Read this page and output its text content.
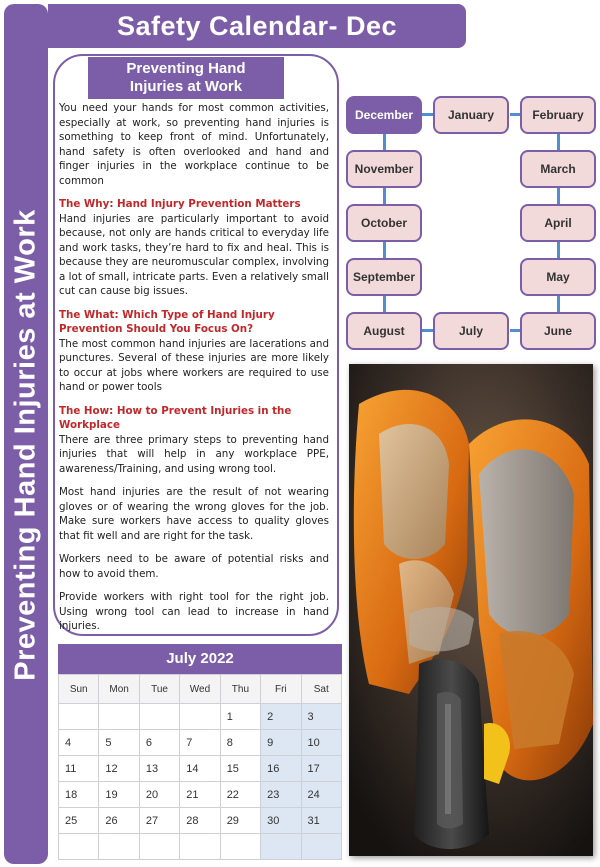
Preventing Hand Injuries at Work
Safety Calendar- Dec
Preventing Hand
Injuries at Work

You need your hands for most common activities, especially at work, so preventing hand injuries is something to keep front of mind. Unfortunately, hand safety is often overlooked and hand and finger injuries in the workplace continue to be common

The Why: Hand Injury Prevention Matters

Hand injuries are particularly important to avoid because, not only are hands critical to everyday life and work tasks, they’re hard to fix and heal. This is because they are neuromuscular complex, involving a lot of small, intricate parts. Even a relatively small cut can cause big issues.

The What: Which Type of Hand Injury Prevention Should You Focus On?

The most common hand injuries are lacerations and punctures. Several of these injuries are more likely to occur at jobs where workers are required to use hand or power tools

The How: How to Prevent Injuries in the Workplace

There are three primary steps to preventing hand injuries that will help in any workplace PPE, awareness/Training, and using wrong tool.

Most hand injuries are the result of not wearing gloves or of wearing the wrong gloves for the job. Make sure workers have access to quality gloves that fit well and are right for the task.

Workers need to be aware of potential risks and how to avoid them.

Provide workers with right tool for the right job. Using wrong tool can lead to increase in hand injuries.

December	January	February
November	March
October	April
September	May
August	July	June
July 2022
Sun	Mon	Tue	Wed	Thu	Fri	Sat
				1	2	3
4	5	6	7	8	9	10
11	12	13	14	15	16	17
18	19	20	21	22	23	24
25	26	27	28	29	30	31
